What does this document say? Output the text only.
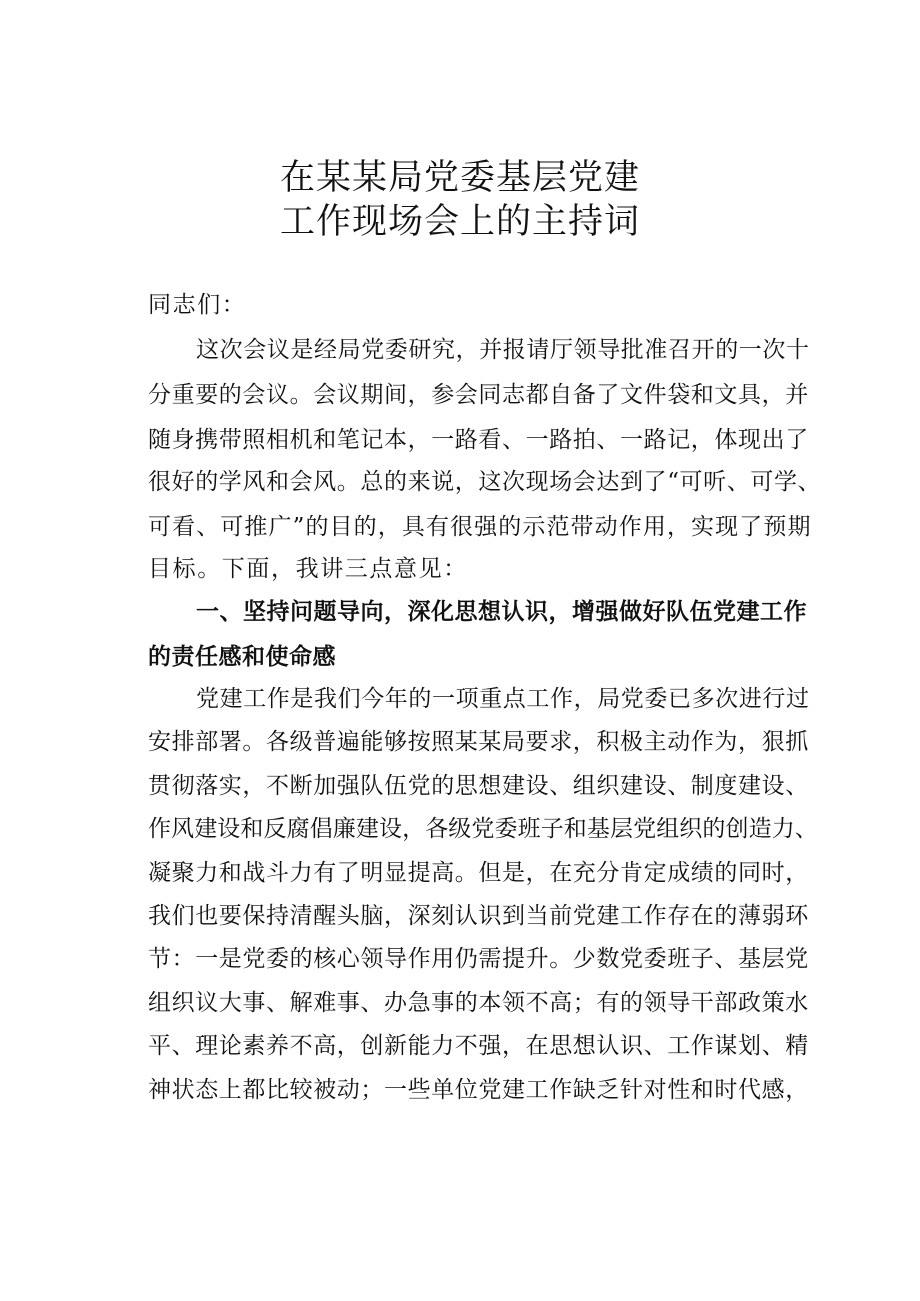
在某某局党委基层党建
工作现场会上的主持词
同志们：
这次会议是经局党委研究，并报请厅领导批准召开的一次十
分重要的会议。会议期间，参会同志都自备了文件袋和文具，并
随身携带照相机和笔记本，一路看、一路拍、一路记，体现出了
很好的学风和会风。总的来说，这次现场会达到了“可听、可学、
可看、可推广”的目的，具有很强的示范带动作用，实现了预期
目标。下面，我讲三点意见：
一、坚持问题导向，深化思想认识，增强做好队伍党建工作
的责任感和使命感
党建工作是我们今年的一项重点工作，局党委已多次进行过
安排部署。各级普遍能够按照某某局要求，积极主动作为，狠抓
贯彻落实，不断加强队伍党的思想建设、组织建设、制度建设、
作风建设和反腐倡廉建设，各级党委班子和基层党组织的创造力、
凝聚力和战斗力有了明显提高。但是，在充分肯定成绩的同时，
我们也要保持清醒头脑，深刻认识到当前党建工作存在的薄弱环
节：一是党委的核心领导作用仍需提升。少数党委班子、基层党
组织议大事、解难事、办急事的本领不高；有的领导干部政策水
平、理论素养不高，创新能力不强，在思想认识、工作谋划、精
神状态上都比较被动；一些单位党建工作缺乏针对性和时代感，
